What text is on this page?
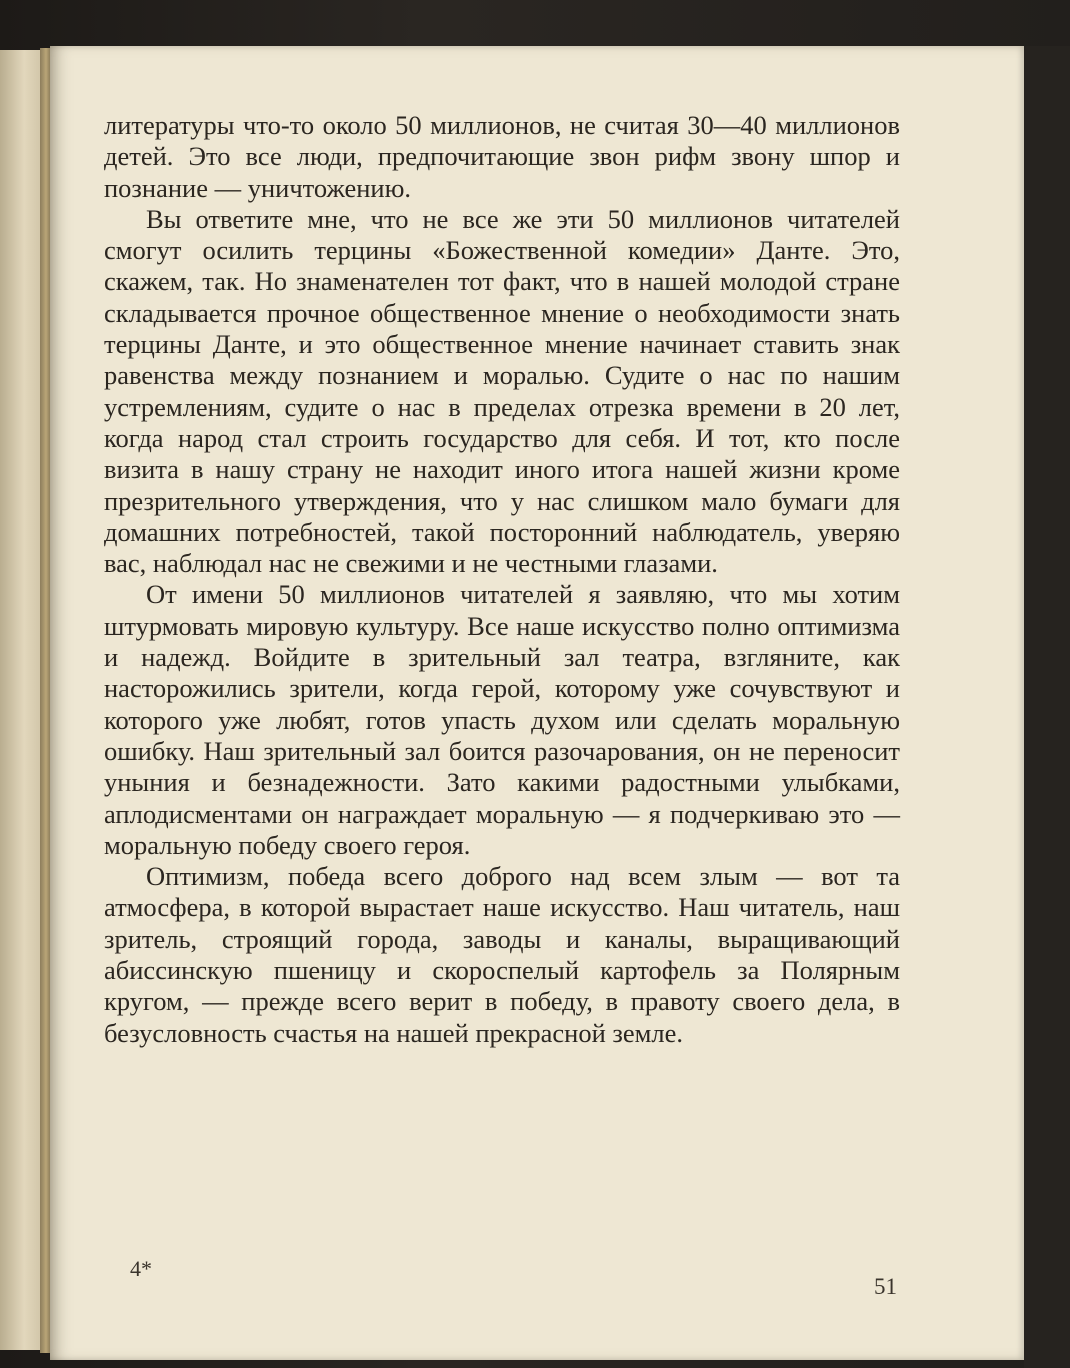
литературы что-то около 50 миллионов, не считая 30—40 миллионов детей. Это все люди, предпочитающие звон рифм звону шпор и познание — уничтожению.

Вы ответите мне, что не все же эти 50 миллионов читателей смогут осилить терцины «Божественной комедии» Данте. Это, скажем, так. Но знаменателен тот факт, что в нашей молодой стране складывается прочное общественное мнение о необходимости знать терцины Данте, и это общественное мнение начинает ставить знак равенства между познанием и моралью. Судите о нас по нашим устремлениям, судите о нас в пределах отрезка времени в 20 лет, когда народ стал строить государство для себя. И тот, кто после визита в нашу страну не находит иного итога нашей жизни кроме презрительного утверждения, что у нас слишком мало бумаги для домашних потребностей, такой посторонний наблюдатель, уверяю вас, наблюдал нас не свежими и не честными глазами.

От имени 50 миллионов читателей я заявляю, что мы хотим штурмовать мировую культуру. Все наше искусство полно оптимизма и надежд. Войдите в зрительный зал театра, взгляните, как насторожились зрители, когда герой, которому уже сочувствуют и которого уже любят, готов упасть духом или сделать моральную ошибку. Наш зрительный зал боится разочарования, он не переносит уныния и безнадежности. Зато какими радостными улыбками, аплодисментами он награждает моральную — я подчеркиваю это — моральную победу своего героя.

Оптимизм, победа всего доброго над всем злым — вот та атмосфера, в которой вырастает наше искусство. Наш читатель, наш зритель, строящий города, заводы и каналы, выращивающий абиссинскую пшеницу и скороспелый картофель за Полярным кругом, — прежде всего верит в победу, в правоту своего дела, в безусловность счастья на нашей прекрасной земле.

4*
51
